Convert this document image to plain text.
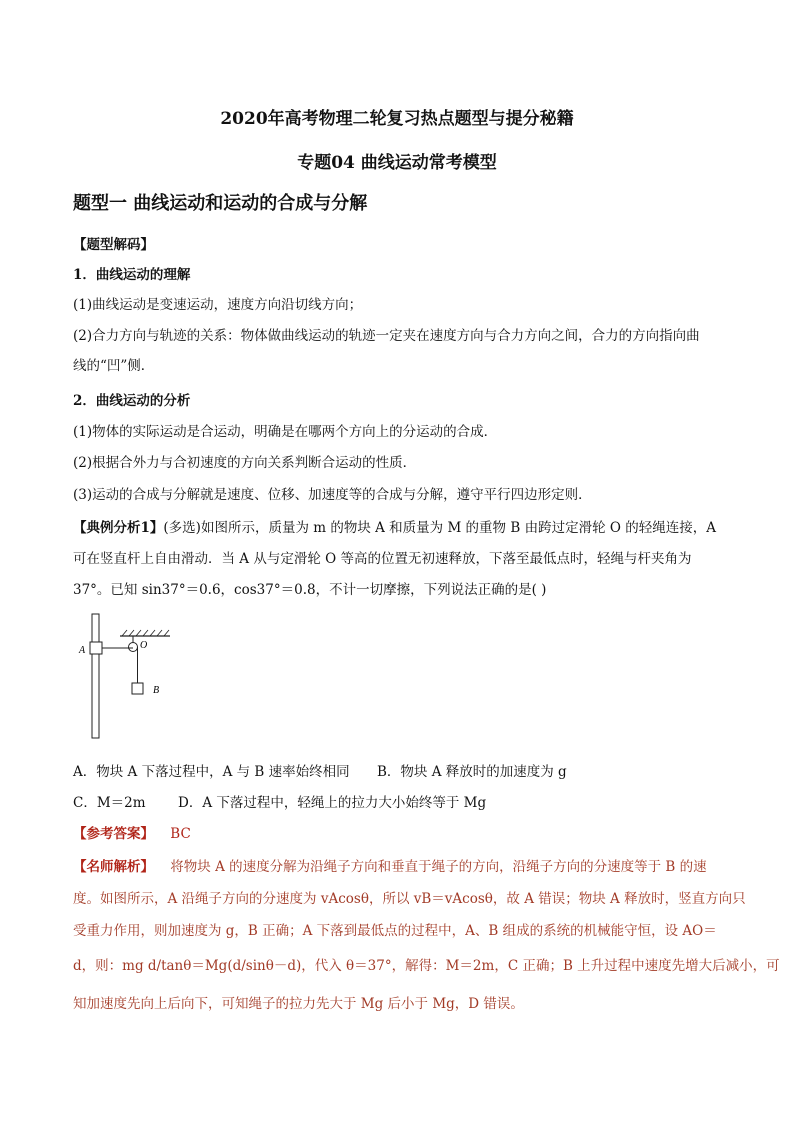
2020年高考物理二轮复习热点题型与提分秘籍
专题04 曲线运动常考模型
题型一 曲线运动和运动的合成与分解
【题型解码】
1．曲线运动的理解
(1)曲线运动是变速运动，速度方向沿切线方向；
(2)合力方向与轨迹的关系：物体做曲线运动的轨迹一定夹在速度方向与合力方向之间，合力的方向指向曲
线的“凹”侧．
2．曲线运动的分析
(1)物体的实际运动是合运动，明确是在哪两个方向上的分运动的合成．
(2)根据合外力与合初速度的方向关系判断合运动的性质．
(3)运动的合成与分解就是速度、位移、加速度等的合成与分解，遵守平行四边形定则．
【典例分析1】(多选)如图所示，质量为 m 的物块 A 和质量为 M 的重物 B 由跨过定滑轮 O 的轻绳连接，A
可在竖直杆上自由滑动．当 A 从与定滑轮 O 等高的位置无初速释放，下落至最低点时，轻绳与杆夹角为
37°。已知 sin37°＝0.6，cos37°＝0.8，不计一切摩擦，下列说法正确的是( )
A	O
B
A．物块 A 下落过程中，A 与 B 速率始终相同 B．物块 A 释放时的加速度为 g
C．M＝2m D．A 下落过程中，轻绳上的拉力大小始终等于 Mg
【参考答案】 BC
【名师解析】 将物块 A 的速度分解为沿绳子方向和垂直于绳子的方向，沿绳子方向的分速度等于 B 的速
度。如图所示，A 沿绳子方向的分速度为 vAcosθ，所以 vB＝vAcosθ，故 A 错误；物块 A 释放时，竖直方向只
受重力作用，则加速度为 g，B 正确；A 下落到最低点的过程中，A、B 组成的系统的机械能守恒，设 AO＝
d，则：mg d/tanθ＝Mg(d/sinθ－d)，代入 θ＝37°，解得：M＝2m，C 正确；B 上升过程中速度先增大后减小，可
知加速度先向上后向下，可知绳子的拉力先大于 Mg 后小于 Mg，D 错误。
